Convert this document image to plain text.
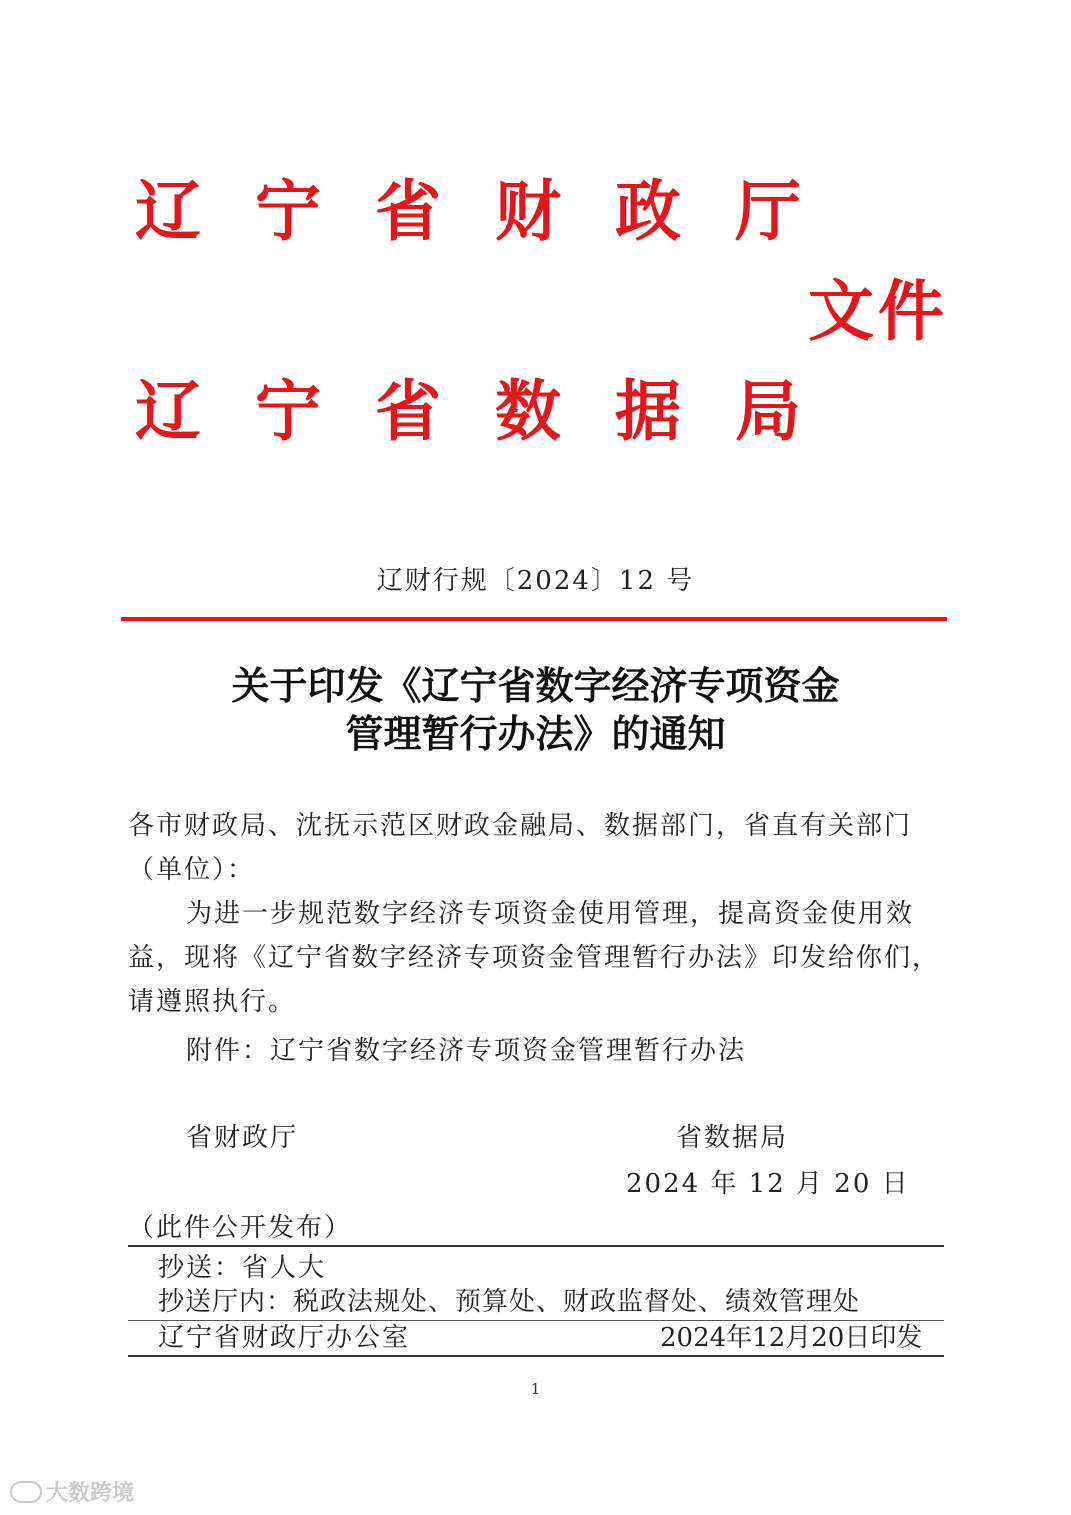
辽 宁 省 财 政 厅
文件
辽 宁 省 数 据 局
辽财行规〔2024〕12 号
关于印发《辽宁省数字经济专项资金
管理暂行办法》的通知
各市财政局、沈抚示范区财政金融局、数据部门，省直有关部门
（单位）：
为进一步规范数字经济专项资金使用管理，提高资金使用效
益，现将《辽宁省数字经济专项资金管理暂行办法》印发给你们，
请遵照执行。
附件：辽宁省数字经济专项资金管理暂行办法
省财政厅	省数据局
2024 年 12 月 20 日
（此件公开发布）
抄送：省人大
抄送厅内：税政法规处、预算处、财政监督处、绩效管理处
辽宁省财政厅办公室	2024年12月20日印发
1
大数跨境
